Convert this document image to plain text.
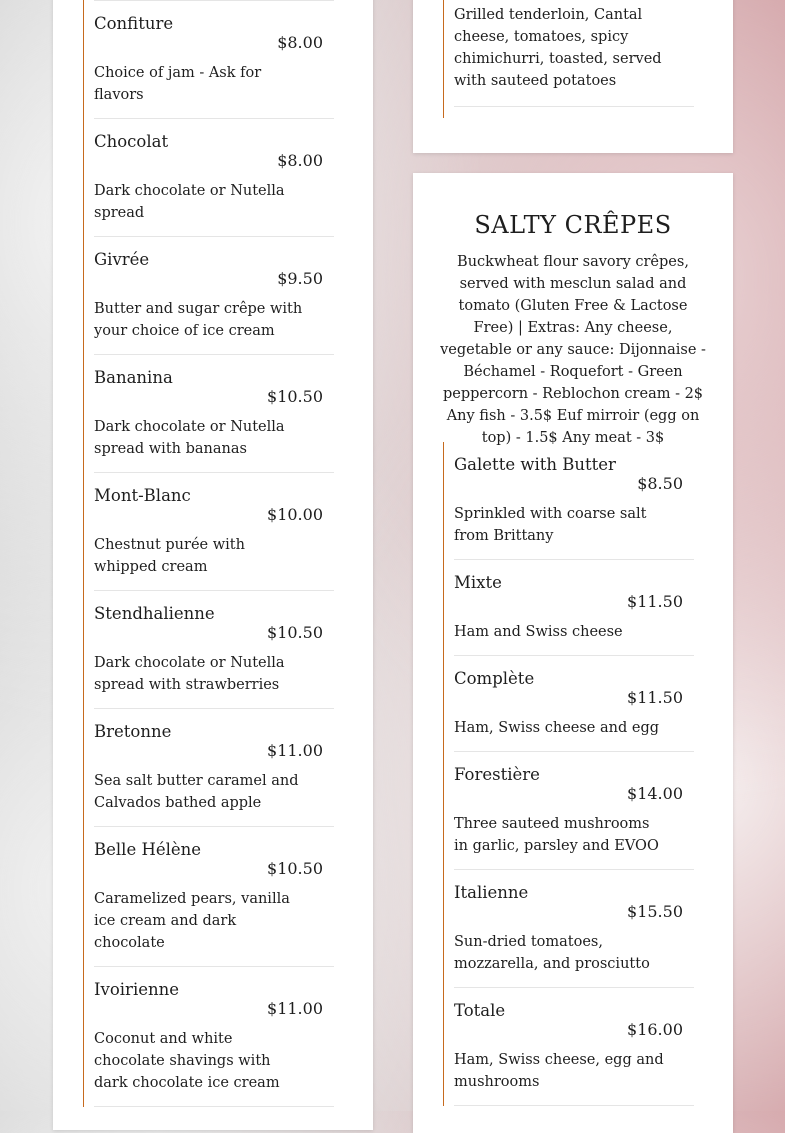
Confiture
$8.00
Choice of jam - Ask for flavors
Chocolat
$8.00
Dark chocolate or Nutella spread
Givrée
$9.50
Butter and sugar crêpe with your choice of ice cream
Bananina
$10.50
Dark chocolate or Nutella spread with bananas
Mont-Blanc
$10.00
Chestnut purée with whipped cream
Stendhalienne
$10.50
Dark chocolate or Nutella spread with strawberries
Bretonne
$11.00
Sea salt butter caramel and Calvados bathed apple
Belle Hélène
$10.50
Caramelized pears, vanilla ice cream and dark chocolate
Ivoirienne
$11.00
Coconut and white chocolate shavings with dark chocolate ice cream
Grilled tenderloin, Cantal cheese, tomatoes, spicy chimichurri, toasted, served with sauteed potatoes
SALTY CRÊPES

Buckwheat flour savory crêpes, served with mesclun salad and tomato (Gluten Free & Lactose Free) | Extras: Any cheese, vegetable or any sauce: Dijonnaise - Béchamel - Roquefort - Green peppercorn - Reblochon cream - 2$ Any fish - 3.5$ Euf mirroir (egg on top) - 1.5$ Any meat - 3$

Galette with Butter
$8.50
Sprinkled with coarse salt from Brittany
Mixte
$11.50
Ham and Swiss cheese
Complète
$11.50
Ham, Swiss cheese and egg
Forestière
$14.00
Three sauteed mushrooms in garlic, parsley and EVOO
Italienne
$15.50
Sun-dried tomatoes, mozzarella, and prosciutto
Totale
$16.00
Ham, Swiss cheese, egg and mushrooms
